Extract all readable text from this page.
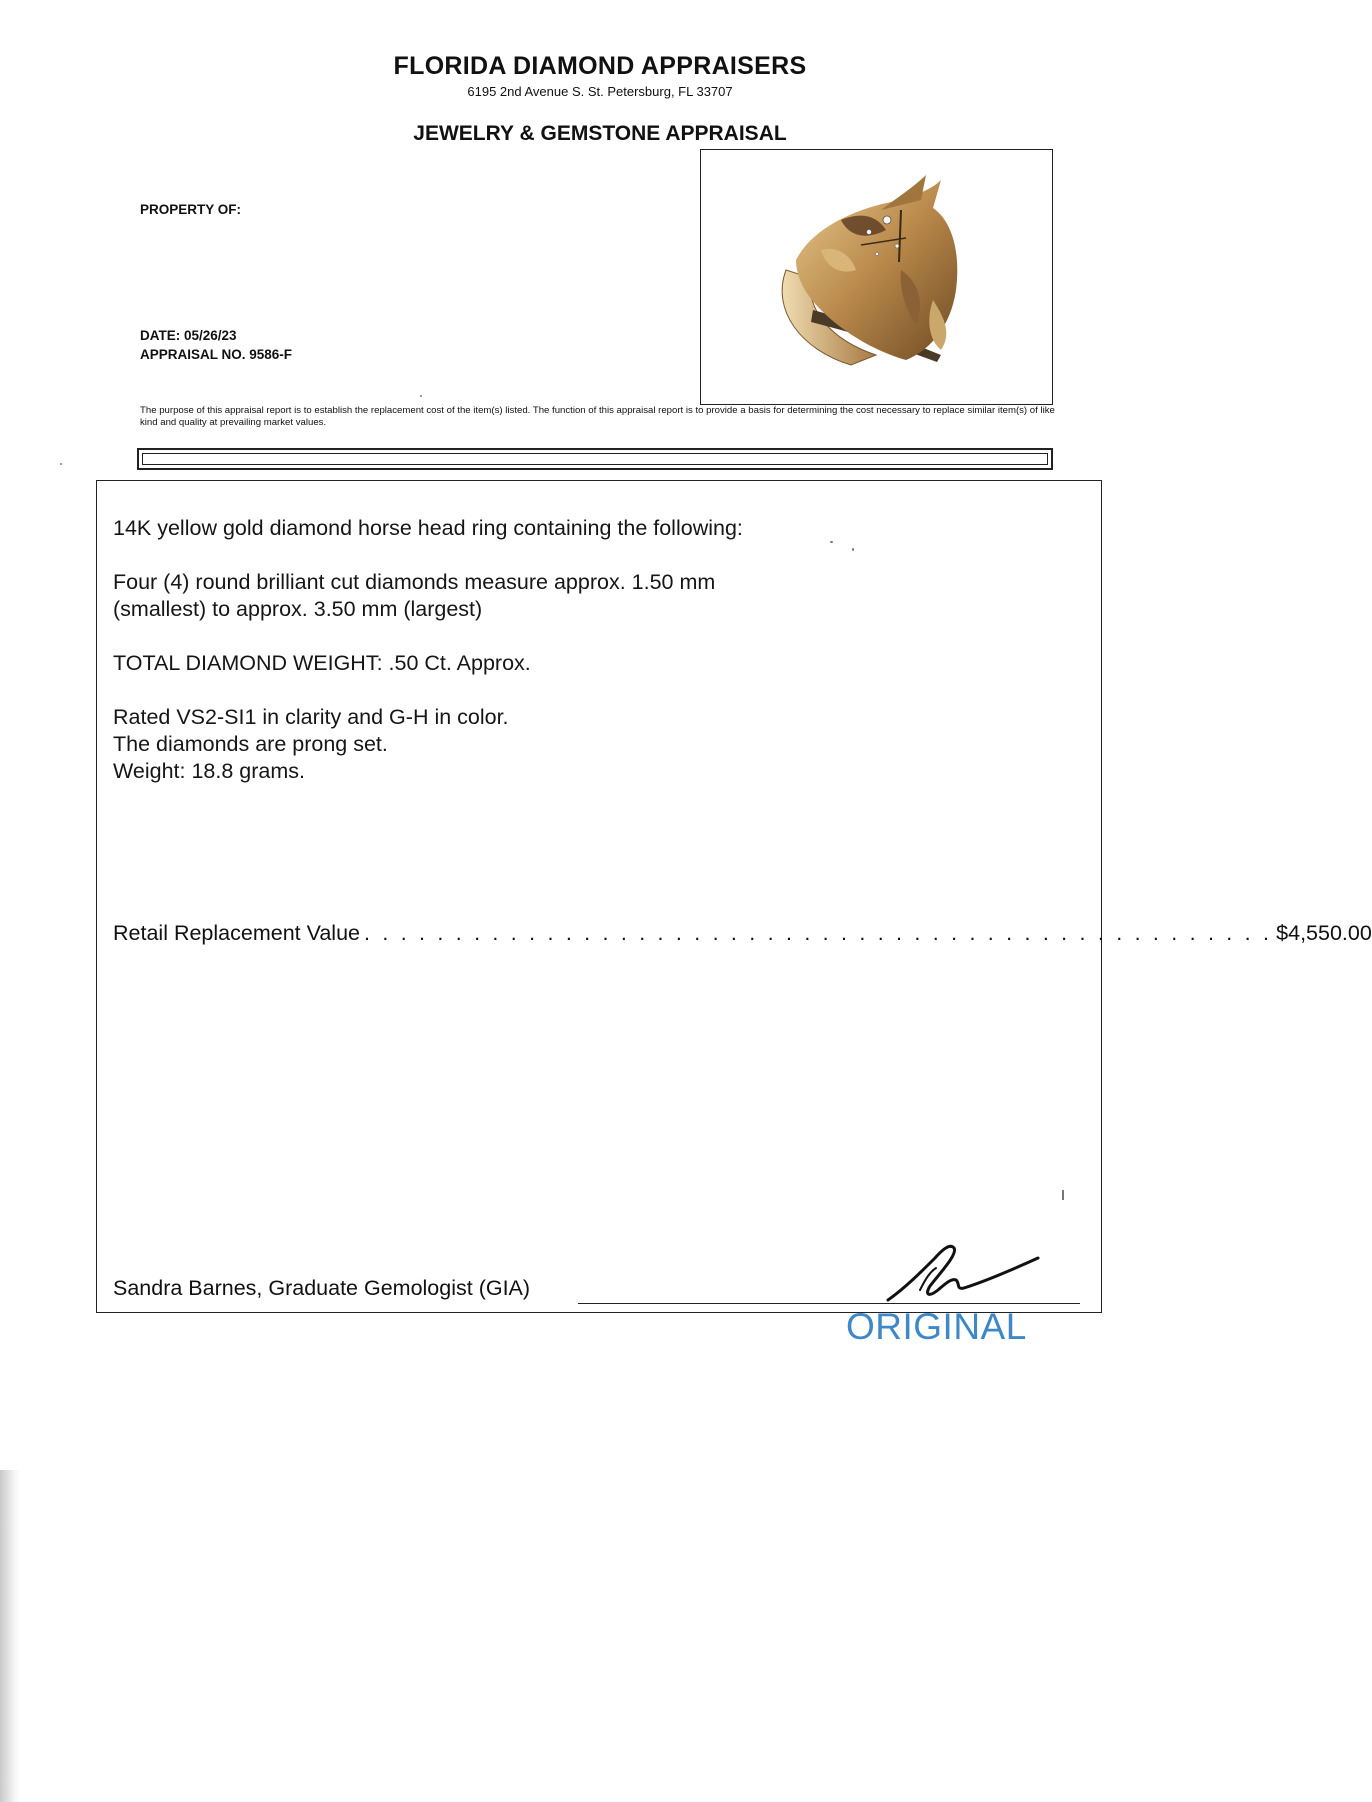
FLORIDA DIAMOND APPRAISERS
6195 2nd Avenue S. St. Petersburg, FL 33707
JEWELRY & GEMSTONE APPRAISAL
PROPERTY OF:
DATE: 05/26/23
APPRAISAL NO. 9586-F
The purpose of this appraisal report is to establish the replacement cost of the item(s) listed. The function of this appraisal report is to provide a basis for determining the cost necessary to replace similar item(s) of like kind and quality at prevailing market values.
14K yellow gold diamond horse head ring containing the following:
Four (4) round brilliant cut diamonds measure approx. 1.50 mm
(smallest) to approx. 3.50 mm (largest)
TOTAL DIAMOND WEIGHT: .50 Ct. Approx.
Rated VS2-SI1 in clarity and G-H in color.
The diamonds are prong set.
Weight: 18.8 grams.
Retail Replacement Value . . . . . . . . . . . . . . . . . . . . . . . . . . . . . . . . . . . . . . . . . . . . . . . . . . $4,550.00
Sandra Barnes, Graduate Gemologist (GIA)
ORIGINAL
